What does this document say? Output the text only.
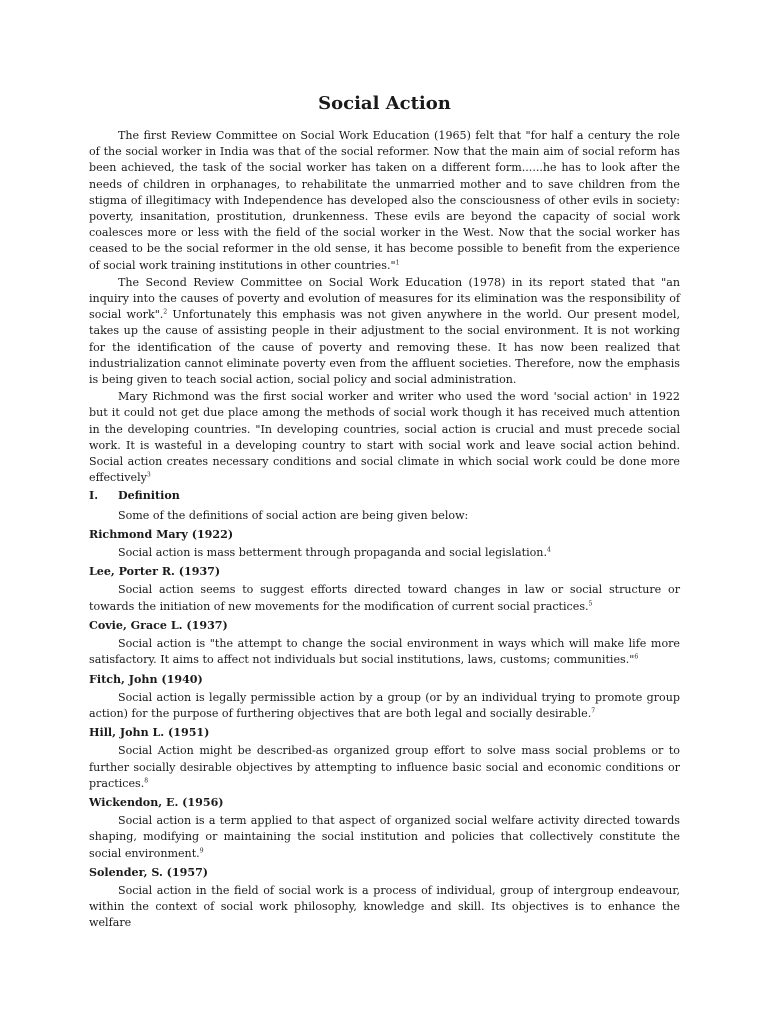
Social Action

The first Review Committee on Social Work Education (1965) felt that "for half a century the role of the social worker in India was that of the social reformer. Now that the main aim of social reform has been achieved, the task of the social worker has taken on a different form......he has to look after the needs of children in orphanages, to rehabilitate the unmarried mother and to save children from the stigma of illegitimacy with Independence has developed also the consciousness of other evils in society: poverty, insanitation, prostitution, drunkenness. These evils are beyond the capacity of social work coalesces more or less with the field of the social worker in the West. Now that the social worker has ceased to be the social reformer in the old sense, it has become possible to benefit from the experience of social work training institutions in other countries."$^1$

The Second Review Committee on Social Work Education (1978) in its report stated that "an inquiry into the causes of poverty and evolution of measures for its elimination was the responsibility of social work".$^2$ Unfortunately this emphasis was not given anywhere in the world. Our present model, takes up the cause of assisting people in their adjustment to the social environment. It is not working for the identification of the cause of poverty and removing these. It has now been realized that industrialization cannot eliminate poverty even from the affluent societies. Therefore, now the emphasis is being given to teach social action, social policy and social administration.

Mary Richmond was the first social worker and writer who used the word 'social action' in 1922 but it could not get due place among the methods of social work though it has received much attention in the developing countries. "In developing countries, social action is crucial and must precede social work. It is wasteful in a developing country to start with social work and leave social action behind. Social action creates necessary conditions and social climate in which social work could be done more effectively$^3$

I. Definition

Some of the definitions of social action are being given below:

Richmond Mary (1922)

Social action is mass betterment through propaganda and social legislation.$^4$

Lee, Porter R. (1937)

Social action seems to suggest efforts directed toward changes in law or social structure or towards the initiation of new movements for the modification of current social practices.$^5$

Covie, Grace L. (1937)

Social action is "the attempt to change the social environment in ways which will make life more satisfactory. It aims to affect not individuals but social institutions, laws, customs; communities."$^6$

Fitch, John (1940)

Social action is legally permissible action by a group (or by an individual trying to promote group action) for the purpose of furthering objectives that are both legal and socially desirable.$^7$

Hill, John L. (1951)

Social Action might be described-as organized group effort to solve mass social problems or to further socially desirable objectives by attempting to influence basic social and economic conditions or practices.$^8$

Wickendon, E. (1956)

Social action is a term applied to that aspect of organized social welfare activity directed towards shaping, modifying or maintaining the social institution and policies that collectively constitute the social environment.$^9$

Solender, S. (1957)

Social action in the field of social work is a process of individual, group of intergroup endeavour, within the context of social work philosophy, knowledge and skill. Its objectives is to enhance the welfare
